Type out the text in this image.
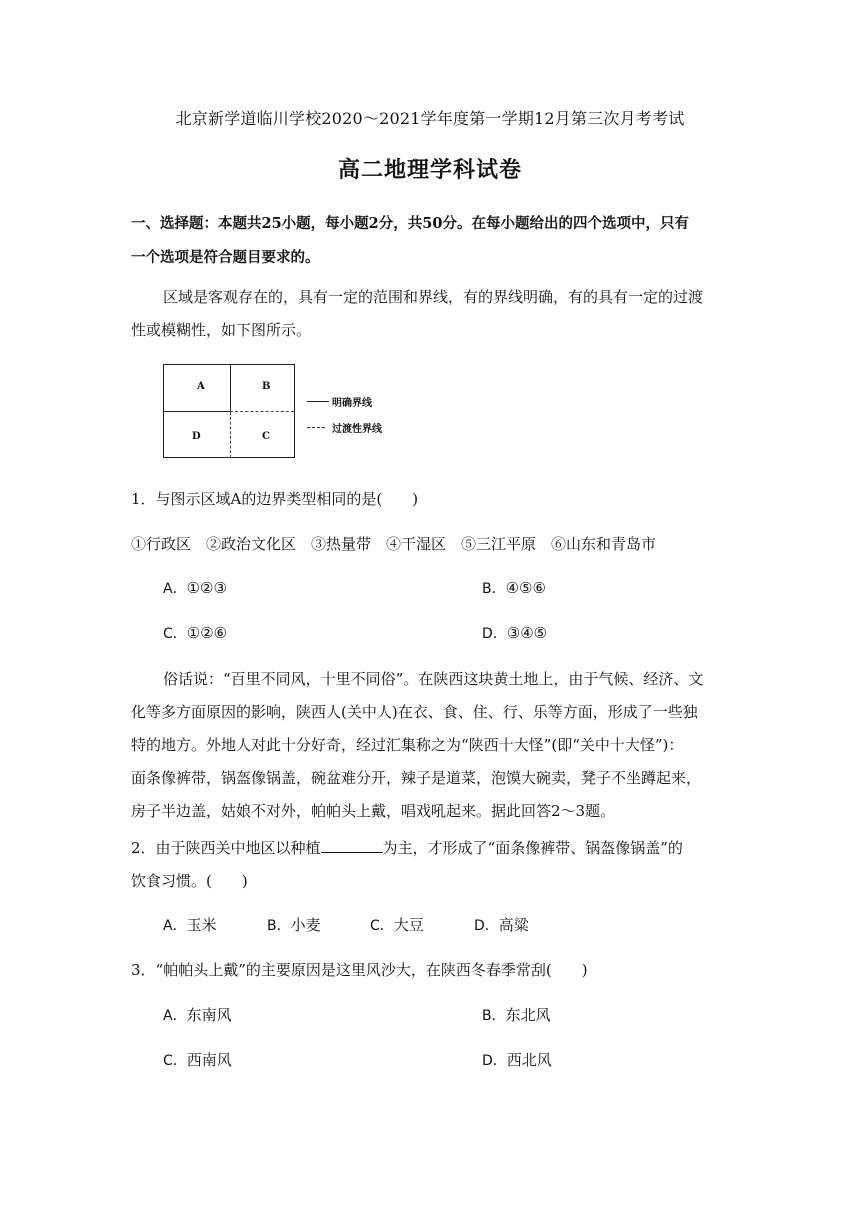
北京新学道临川学校2020～2021学年度第一学期12月第三次月考考试
高二地理学科试卷
一、选择题：本题共25小题，每小题2分，共50分。在每小题给出的四个选项中，只有
一个选项是符合题目要求的。
区域是客观存在的，具有一定的范围和界线，有的界线明确，有的具有一定的过渡
性或模糊性，如下图所示。
A	B
D	C
明确界线
过渡性界线
1．与图示区域A的边界类型相同的是(　　)
①行政区　②政治文化区　③热量带　④干湿区　⑤三江平原　⑥山东和青岛市
A．①②③	B．④⑤⑥
C．①②⑥	D．③④⑤
俗话说：“百里不同风，十里不同俗”。在陕西这块黄土地上，由于气候、经济、文
化等多方面原因的影响，陕西人(关中人)在衣、食、住、行、乐等方面，形成了一些独
特的地方。外地人对此十分好奇，经过汇集称之为“陕西十大怪”(即“关中十大怪”)：
面条像裤带，锅盔像锅盖，碗盆难分开，辣子是道菜，泡馍大碗卖，凳子不坐蹲起来，
房子半边盖，姑娘不对外，帕帕头上戴，唱戏吼起来。据此回答2～3题。
2．由于陕西关中地区以种植	为主，才形成了“面条像裤带、锅盔像锅盖”的
饮食习惯。(　　)
A．玉米	B．小麦	C．大豆	D．高粱
3．“帕帕头上戴”的主要原因是这里风沙大，在陕西冬春季常刮(　　)
A．东南风	B．东北风
C．西南风	D．西北风
